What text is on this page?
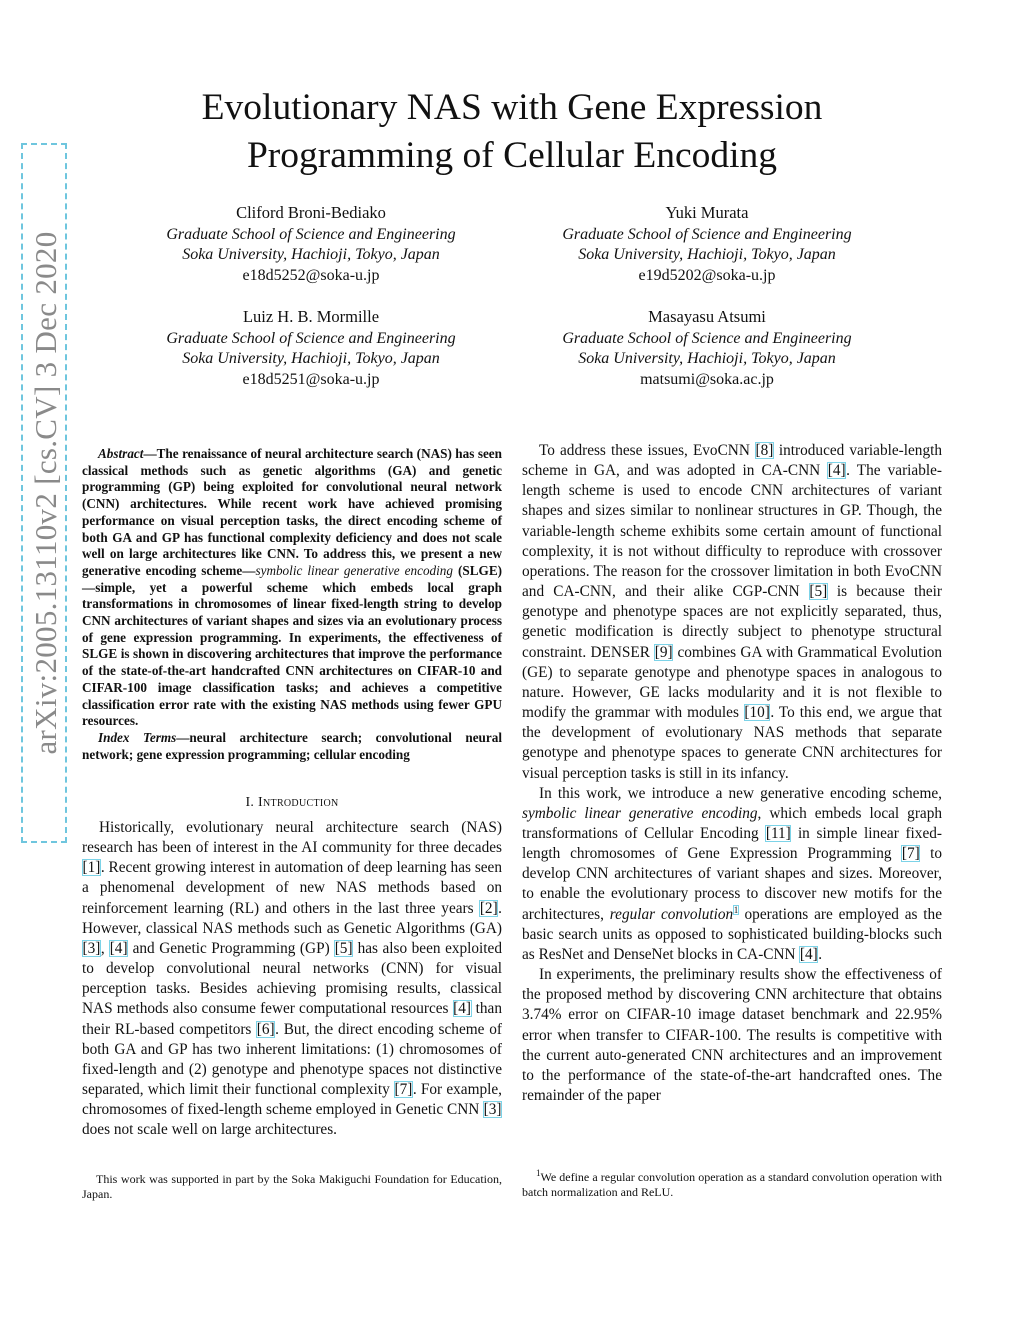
arXiv:2005.13110v2 [cs.CV] 3 Dec 2020
Evolutionary NAS with Gene Expression
Programming of Cellular Encoding
Cliford Broni-Bediako
Graduate School of Science and Engineering
Soka University, Hachioji, Tokyo, Japan
e18d5252@soka-u.jp
Yuki Murata
Graduate School of Science and Engineering
Soka University, Hachioji, Tokyo, Japan
e19d5202@soka-u.jp
Luiz H. B. Mormille
Graduate School of Science and Engineering
Soka University, Hachioji, Tokyo, Japan
e18d5251@soka-u.jp
Masayasu Atsumi
Graduate School of Science and Engineering
Soka University, Hachioji, Tokyo, Japan
matsumi@soka.ac.jp

Abstract—The renaissance of neural architecture search (NAS) has seen classical methods such as genetic algorithms (GA) and genetic programming (GP) being exploited for convolutional neural network (CNN) architectures. While recent work have achieved promising performance on visual perception tasks, the direct encoding scheme of both GA and GP has functional complexity deficiency and does not scale well on large architectures like CNN. To address this, we present a new generative encoding scheme—symbolic linear generative encoding (SLGE)—simple, yet a powerful scheme which embeds local graph transformations in chromosomes of linear fixed-length string to develop CNN architectures of variant shapes and sizes via an evolutionary process of gene expression programming. In experiments, the effectiveness of SLGE is shown in discovering architectures that improve the performance of the state-of-the-art handcrafted CNN architectures on CIFAR-10 and CIFAR-100 image classification tasks; and achieves a competitive classification error rate with the existing NAS methods using fewer GPU resources.

Index Terms—neural architecture search; convolutional neural network; gene expression programming; cellular encoding

I. Introduction

Historically, evolutionary neural architecture search (NAS) research has been of interest in the AI community for three decades [1]. Recent growing interest in automation of deep learning has seen a phenomenal development of new NAS methods based on reinforcement learning (RL) and others in the last three years [2]. However, classical NAS methods such as Genetic Algorithms (GA) [3], [4] and Genetic Programming (GP) [5] has also been exploited to develop convolutional neural networks (CNN) for visual perception tasks. Besides achieving promising results, classical NAS methods also consume fewer computational resources [4] than their RL-based competitors [6]. But, the direct encoding scheme of both GA and GP has two inherent limitations: (1) chromosomes of fixed-length and (2) genotype and phenotype spaces not distinctive separated, which limit their functional complexity [7]. For example, chromosomes of fixed-length scheme employed in Genetic CNN [3] does not scale well on large architectures.

To address these issues, EvoCNN [8] introduced variable-length scheme in GA, and was adopted in CA-CNN [4]. The variable-length scheme is used to encode CNN architectures of variant shapes and sizes similar to nonlinear structures in GP. Though, the variable-length scheme exhibits some certain amount of functional complexity, it is not without difficulty to reproduce with crossover operations. The reason for the crossover limitation in both EvoCNN and CA-CNN, and their alike CGP-CNN [5] is because their genotype and phenotype spaces are not explicitly separated, thus, genetic modification is directly subject to phenotype structural constraint. DENSER [9] combines GA with Grammatical Evolution (GE) to separate genotype and phenotype spaces in analogous to nature. However, GE lacks modularity and it is not flexible to modify the grammar with modules [10]. To this end, we argue that the development of evolutionary NAS methods that separate genotype and phenotype spaces to generate CNN architectures for visual perception tasks is still in its infancy.

In this work, we introduce a new generative encoding scheme, symbolic linear generative encoding, which embeds local graph transformations of Cellular Encoding [11] in simple linear fixed-length chromosomes of Gene Expression Programming [7] to develop CNN architectures of variant shapes and sizes. Moreover, to enable the evolutionary process to discover new motifs for the architectures, regular convolution$^1$ operations are employed as the basic search units as opposed to sophisticated building-blocks such as ResNet and DenseNet blocks in CA-CNN [4].

In experiments, the preliminary results show the effectiveness of the proposed method by discovering CNN architecture that obtains 3.74% error on CIFAR-10 image dataset benchmark and 22.95% error when transfer to CIFAR-100. The results is competitive with the current auto-generated CNN architectures and an improvement to the performance of the state-of-the-art handcrafted ones. The remainder of the paper

This work was supported in part by the Soka Makiguchi Foundation for Education, Japan.
$^1$We define a regular convolution operation as a standard convolution operation with batch normalization and ReLU.
